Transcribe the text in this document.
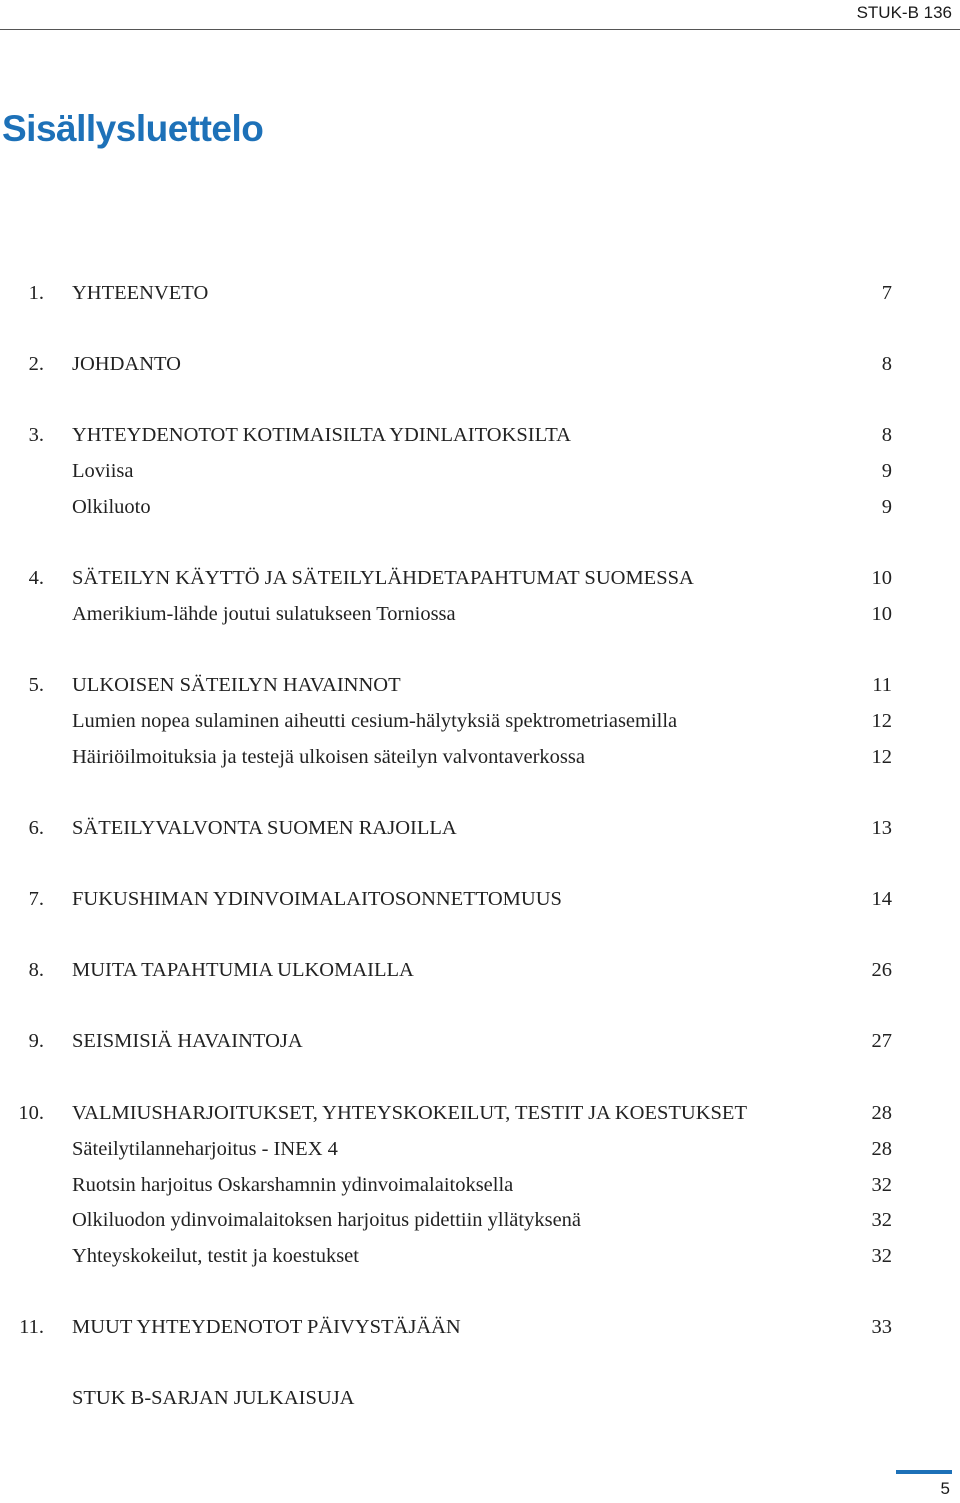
STUK-B 136
Sisällysluettelo
1. YHTEENVETO	7
2. JOHDANTO	8
3. YHTEYDENOTOT KOTIMAISILTA YDINLAITOKSILTA	8
Loviisa	9
Olkiluoto	9
4. SÄTEILYN KÄYTTÖ JA SÄTEILYLÄHDETAPAHTUMAT SUOMESSA	10
Amerikium-lähde joutui sulatukseen Torniossa	10
5. ULKOISEN SÄTEILYN HAVAINNOT	11
Lumien nopea sulaminen aiheutti cesium-hälytyksiä spektrometriasemilla	12
Häiriöilmoituksia ja testejä ulkoisen säteilyn valvontaverkossa	12
6. SÄTEILYVALVONTA SUOMEN RAJOILLA	13
7. FUKUSHIMAN YDINVOIMALAITOSONNETTOMUUS	14
8. MUITA TAPAHTUMIA ULKOMAILLA	26
9. SEISMISIÄ HAVAINTOJA	27
10. VALMIUSHARJOITUKSET, YHTEYSKOKEILUT, TESTIT JA KOESTUKSET	28
Säteilytilanneharjoitus - INEX 4	28
Ruotsin harjoitus Oskarshamnin ydinvoimalaitoksella	32
Olkiluodon ydinvoimalaitoksen harjoitus pidettiin yllätyksenä	32
Yhteyskokeilut, testit ja koestukset	32
11. MUUT YHTEYDENOTOT PÄIVYSTÄJÄÄN	33
STUK B-SARJAN JULKAISUJA
5
